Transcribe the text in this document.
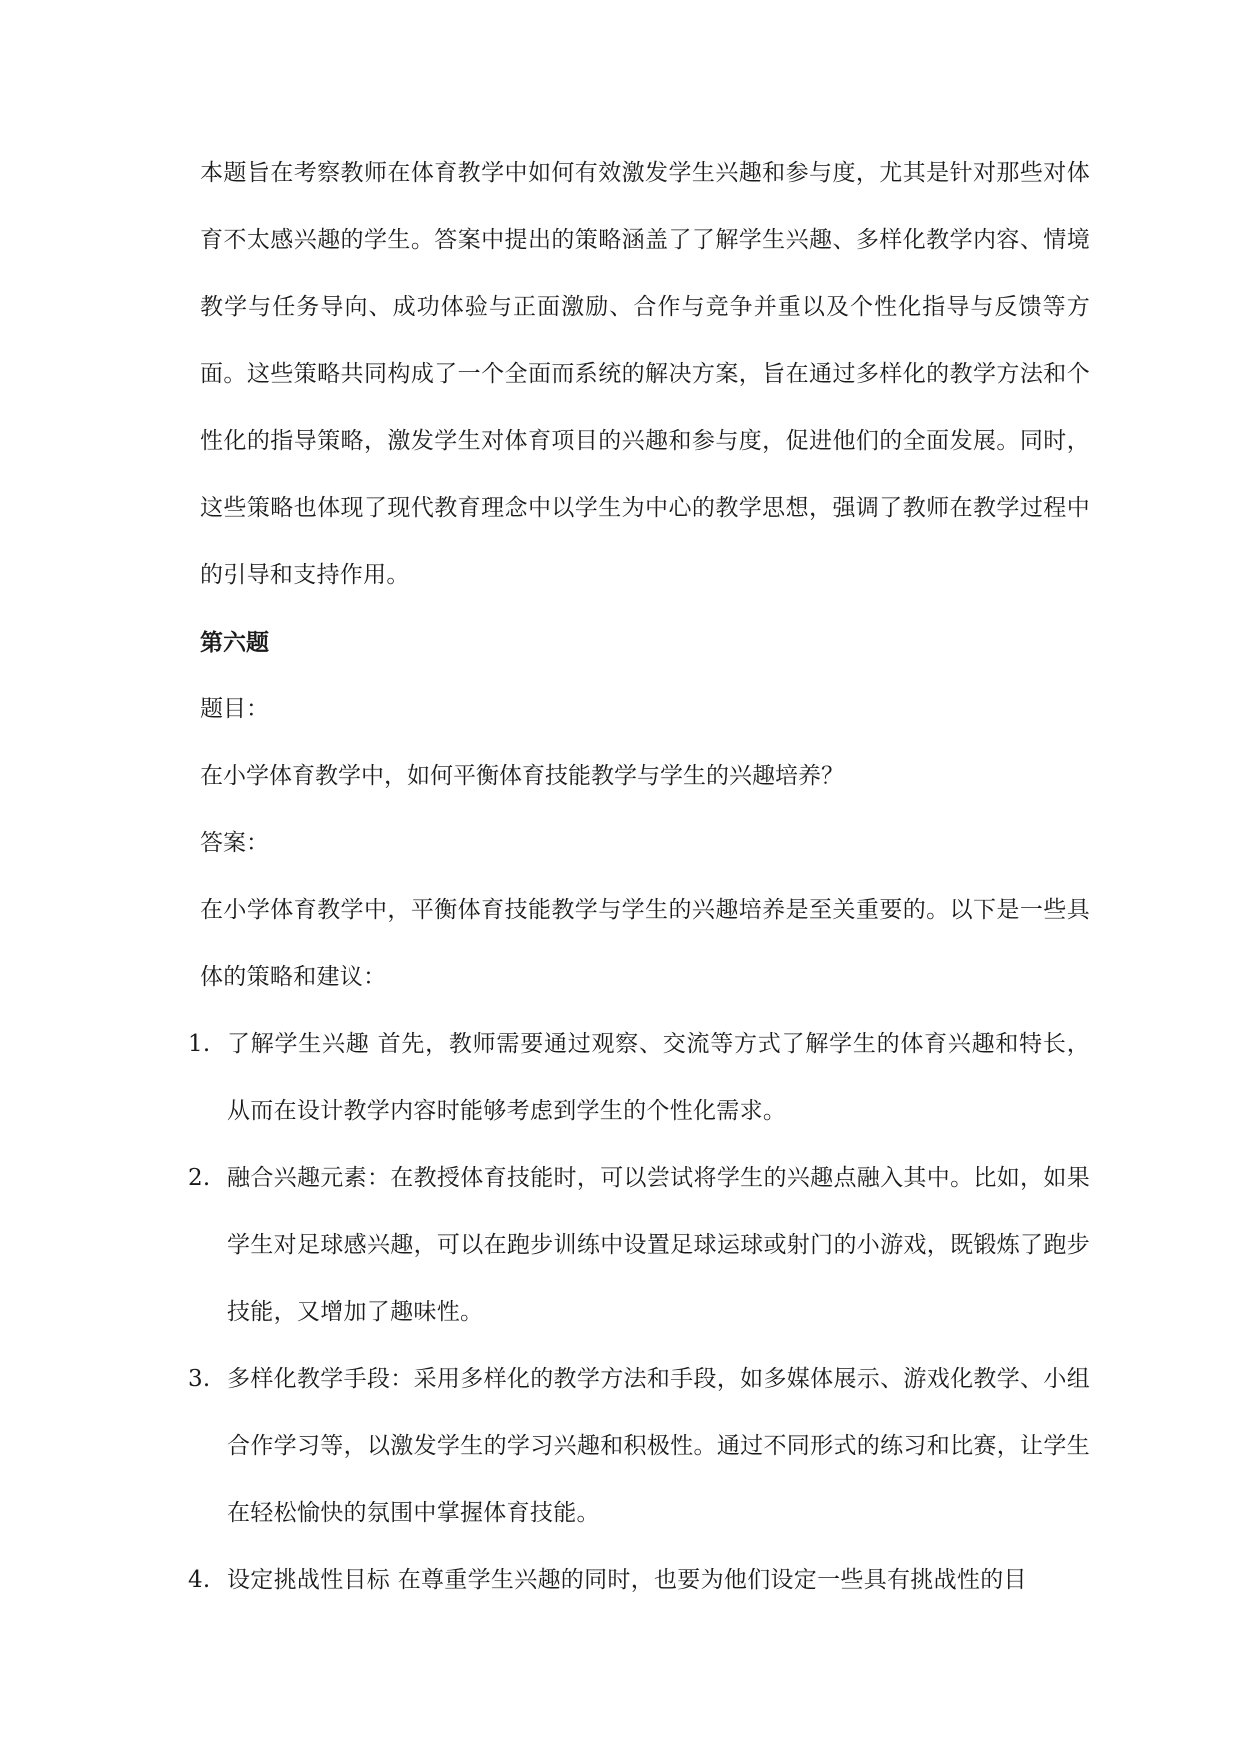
本题旨在考察教师在体育教学中如何有效激发学生兴趣和参与度，尤其是针对那些对体育不太感兴趣的学生。答案中提出的策略涵盖了了解学生兴趣、多样化教学内容、情境教学与任务导向、成功体验与正面激励、合作与竞争并重以及个性化指导与反馈等方面。这些策略共同构成了一个全面而系统的解决方案，旨在通过多样化的教学方法和个性化的指导策略，激发学生对体育项目的兴趣和参与度，促进他们的全面发展。同时，这些策略也体现了现代教育理念中以学生为中心的教学思想，强调了教师在教学过程中的引导和支持作用。

第六题

题目：

在小学体育教学中，如何平衡体育技能教学与学生的兴趣培养？

答案：

在小学体育教学中，平衡体育技能教学与学生的兴趣培养是至关重要的。以下是一些具体的策略和建议：

1. 了解学生兴趣 首先，教师需要通过观察、交流等方式了解学生的体育兴趣和特长，从而在设计教学内容时能够考虑到学生的个性化需求。
2. 融合兴趣元素：在教授体育技能时，可以尝试将学生的兴趣点融入其中。比如，如果学生对足球感兴趣，可以在跑步训练中设置足球运球或射门的小游戏，既锻炼了跑步技能，又增加了趣味性。
3. 多样化教学手段：采用多样化的教学方法和手段，如多媒体展示、游戏化教学、小组合作学习等，以激发学生的学习兴趣和积极性。通过不同形式的练习和比赛，让学生在轻松愉快的氛围中掌握体育技能。
4. 设定挑战性目标 在尊重学生兴趣的同时，也要为他们设定一些具有挑战性的目
